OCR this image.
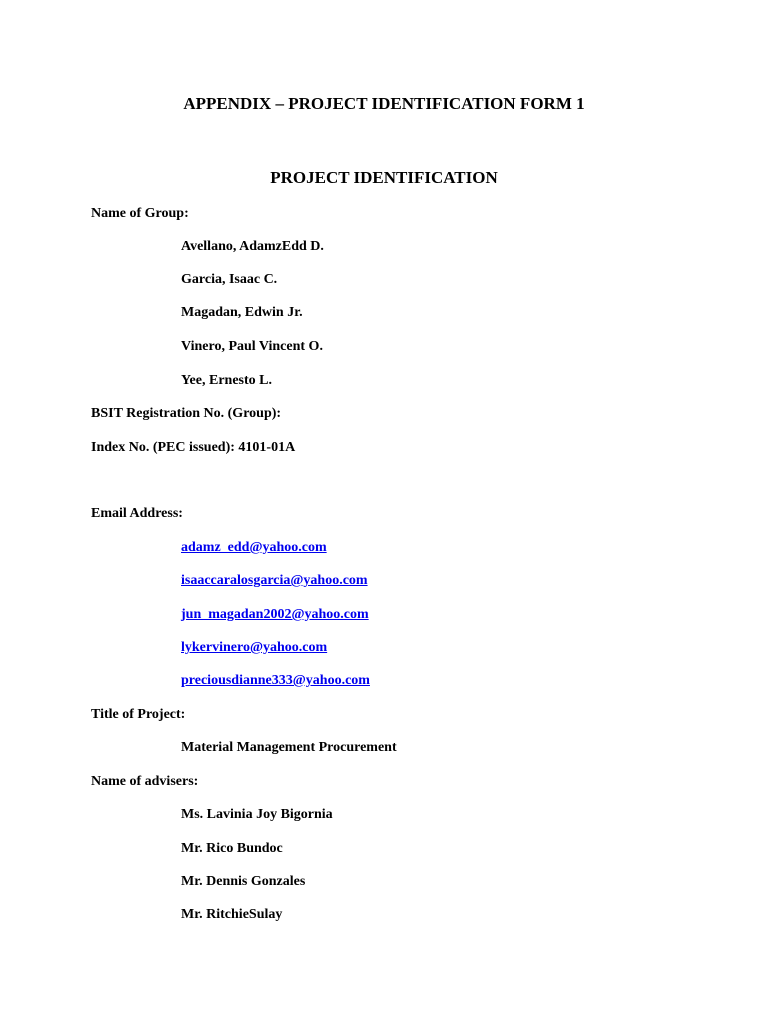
APPENDIX – PROJECT IDENTIFICATION FORM 1
PROJECT IDENTIFICATION
Name of Group:
Avellano, AdamzEdd D.
Garcia, Isaac C.
Magadan, Edwin Jr.
Vinero, Paul Vincent O.
Yee, Ernesto L.
BSIT Registration No. (Group):
Index No. (PEC issued): 4101-01A
Email Address:
adamz_edd@yahoo.com
isaaccaralosgarcia@yahoo.com
jun_magadan2002@yahoo.com
lykervinero@yahoo.com
preciousdianne333@yahoo.com
Title of Project:
Material Management Procurement
Name of advisers:
Ms. Lavinia Joy Bigornia
Mr. Rico Bundoc
Mr. Dennis Gonzales
Mr. RitchieSulay
